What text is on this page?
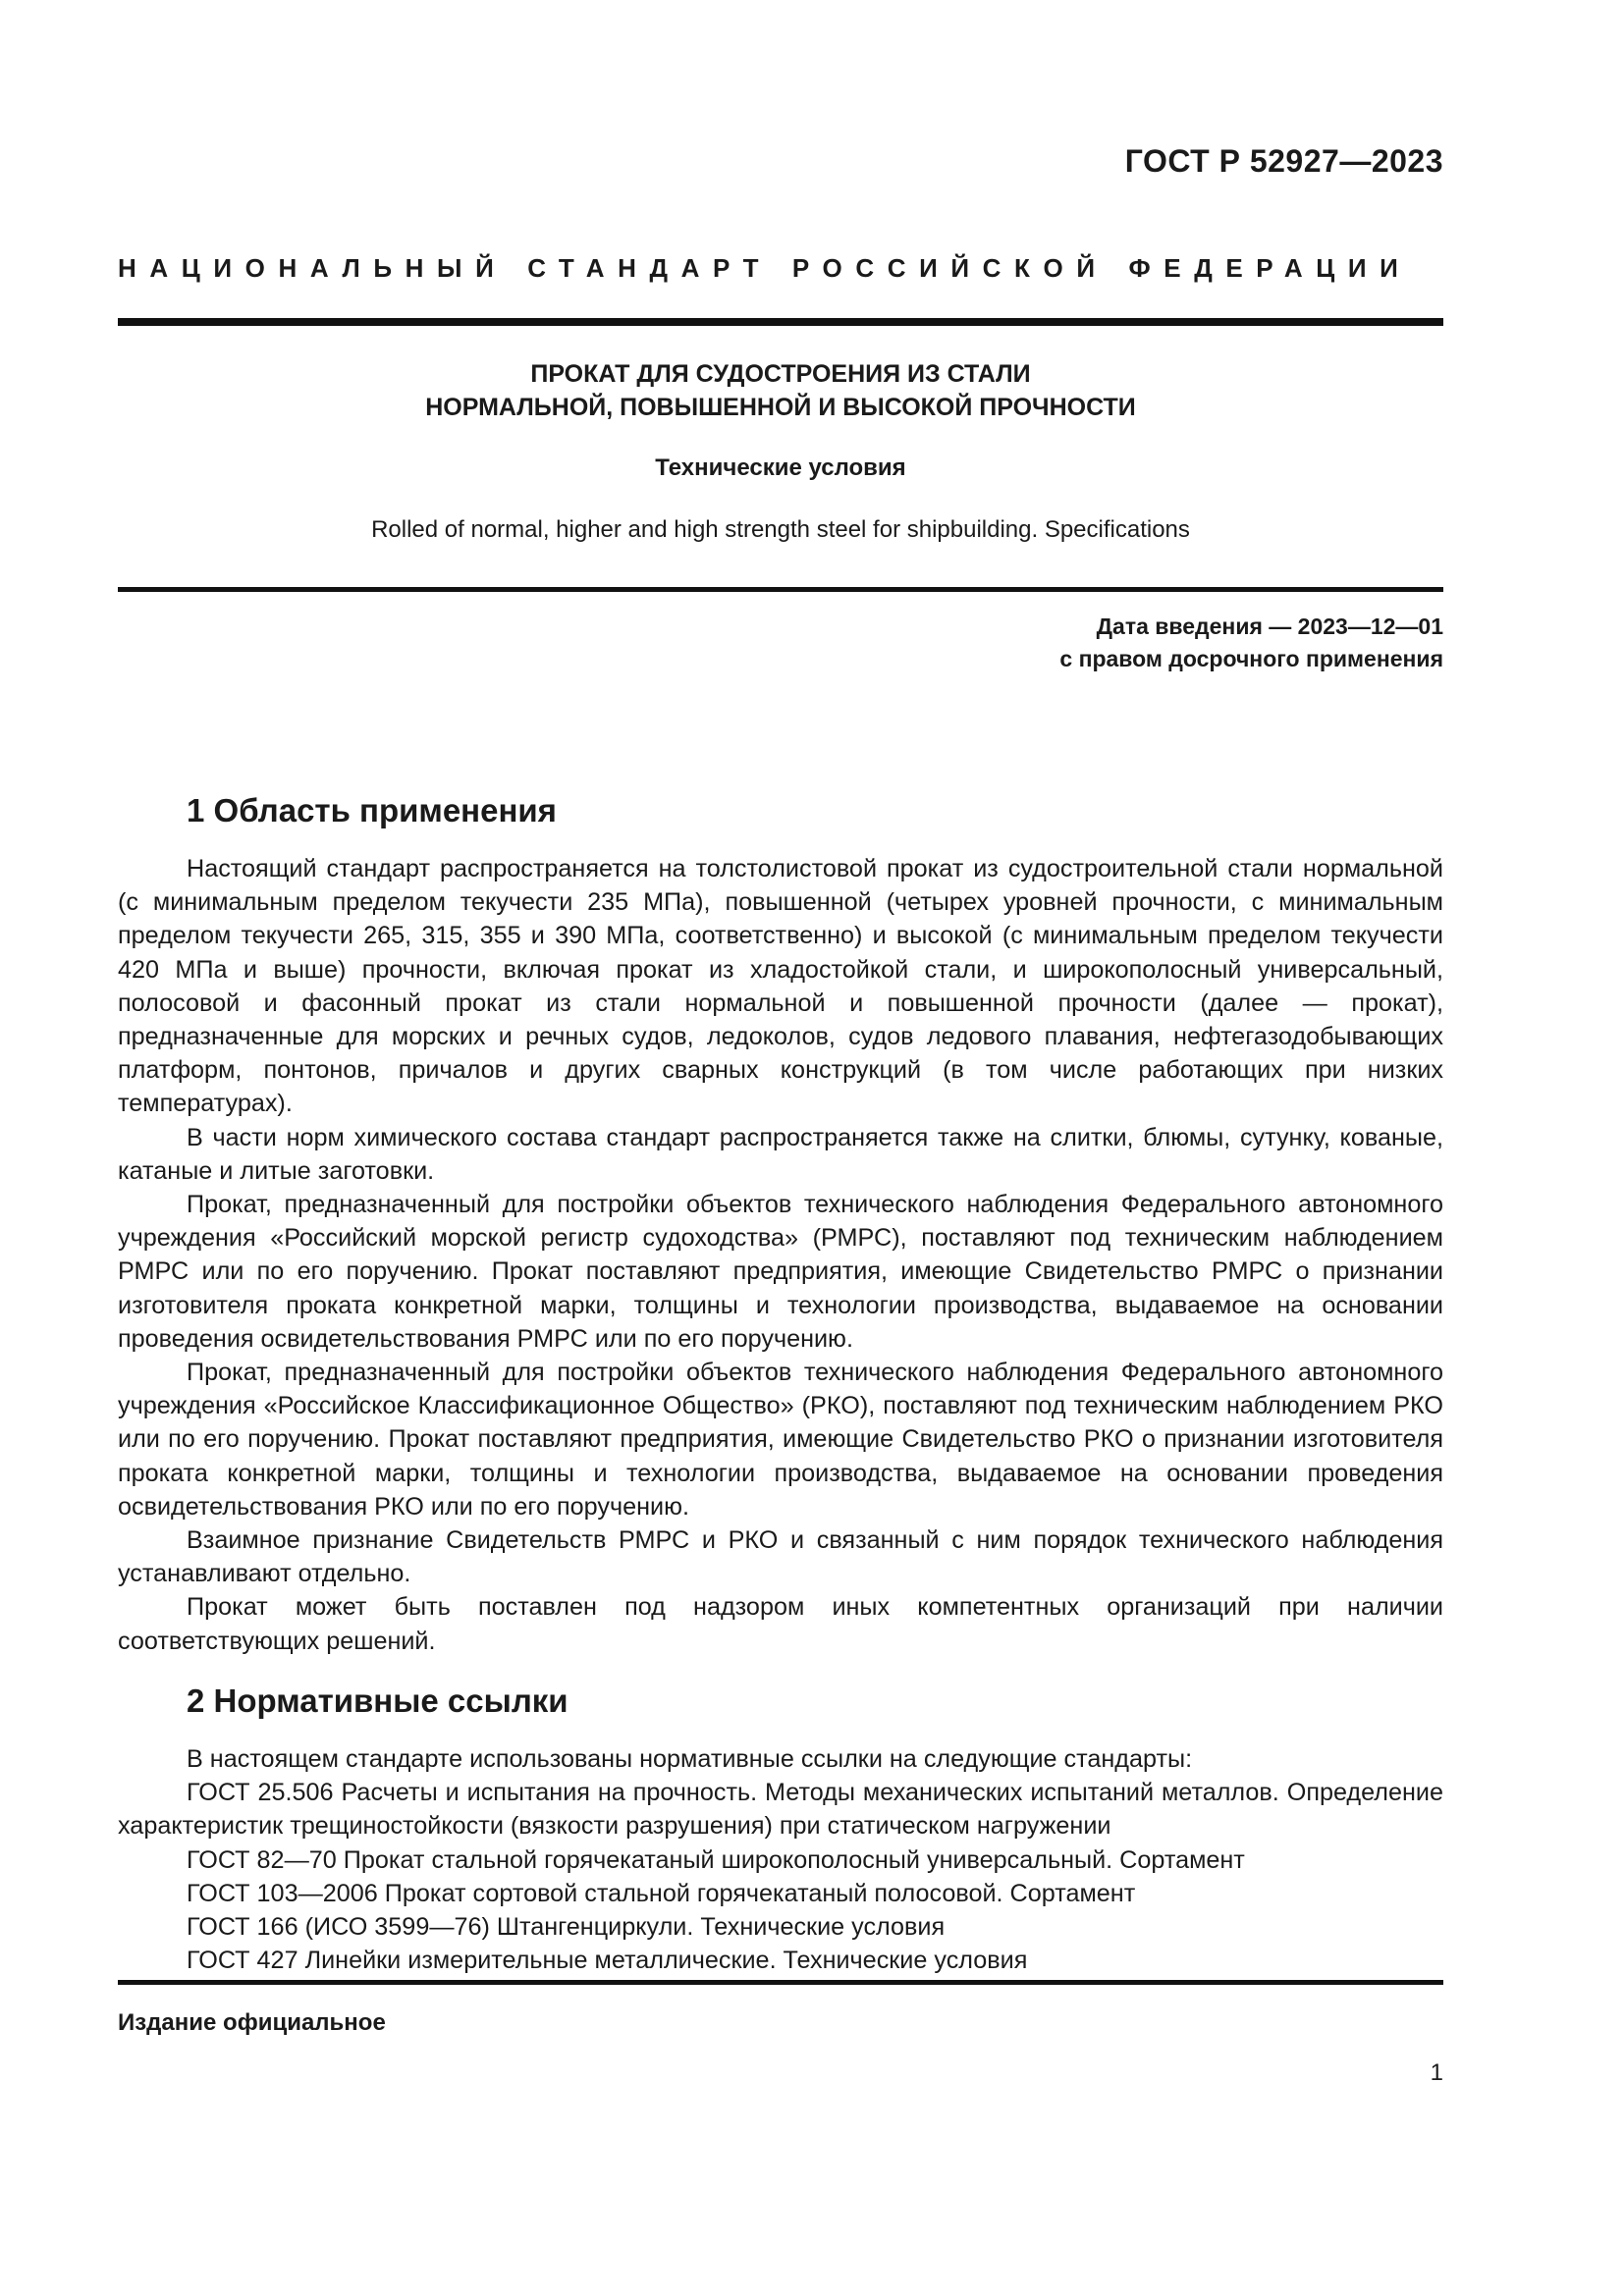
ГОСТ Р 52927—2023
НАЦИОНАЛЬНЫЙ СТАНДАРТ РОССИЙСКОЙ ФЕДЕРАЦИИ
ПРОКАТ ДЛЯ СУДОСТРОЕНИЯ ИЗ СТАЛИ
НОРМАЛЬНОЙ, ПОВЫШЕННОЙ И ВЫСОКОЙ ПРОЧНОСТИ
Технические условия
Rolled of normal, higher and high strength steel for shipbuilding. Specifications
Дата введения — 2023—12—01
с правом досрочного применения
1 Область применения

Настоящий стандарт распространяется на толстолистовой прокат из судостроительной стали нормальной (с минимальным пределом текучести 235 МПа), повышенной (четырех уровней прочности, с минимальным пределом текучести 265, 315, 355 и 390 МПа, соответственно) и высокой (с минимальным пределом текучести 420 МПа и выше) прочности, включая прокат из хладостойкой стали, и широкополосный универсальный, полосовой и фасонный прокат из стали нормальной и повышенной прочности (далее — прокат), предназначенные для морских и речных судов, ледоколов, судов ледового плавания, нефтегазодобывающих платформ, понтонов, причалов и других сварных конструкций (в том числе работающих при низких температурах).

В части норм химического состава стандарт распространяется также на слитки, блюмы, сутунку, кованые, катаные и литые заготовки.

Прокат, предназначенный для постройки объектов технического наблюдения Федерального автономного учреждения «Российский морской регистр судоходства» (РМРС), поставляют под техническим наблюдением РМРС или по его поручению. Прокат поставляют предприятия, имеющие Свидетельство РМРС о признании изготовителя проката конкретной марки, толщины и технологии производства, выдаваемое на основании проведения освидетельствования РМРС или по его поручению.

Прокат, предназначенный для постройки объектов технического наблюдения Федерального автономного учреждения «Российское Классификационное Общество» (РКО), поставляют под техническим наблюдением РКО или по его поручению. Прокат поставляют предприятия, имеющие Свидетельство РКО о признании изготовителя проката конкретной марки, толщины и технологии производства, выдаваемое на основании проведения освидетельствования РКО или по его поручению.

Взаимное признание Свидетельств РМРС и РКО и связанный с ним порядок технического наблюдения устанавливают отдельно.

Прокат может быть поставлен под надзором иных компетентных организаций при наличии соответствующих решений.

2 Нормативные ссылки

В настоящем стандарте использованы нормативные ссылки на следующие стандарты:

ГОСТ 25.506 Расчеты и испытания на прочность. Методы механических испытаний металлов. Определение характеристик трещиностойкости (вязкости разрушения) при статическом нагружении

ГОСТ 82—70 Прокат стальной горячекатаный широкополосный универсальный. Сортамент

ГОСТ 103—2006 Прокат сортовой стальной горячекатаный полосовой. Сортамент

ГОСТ 166 (ИСО 3599—76) Штангенциркули. Технические условия

ГОСТ 427 Линейки измерительные металлические. Технические условия

Издание официальное
1
